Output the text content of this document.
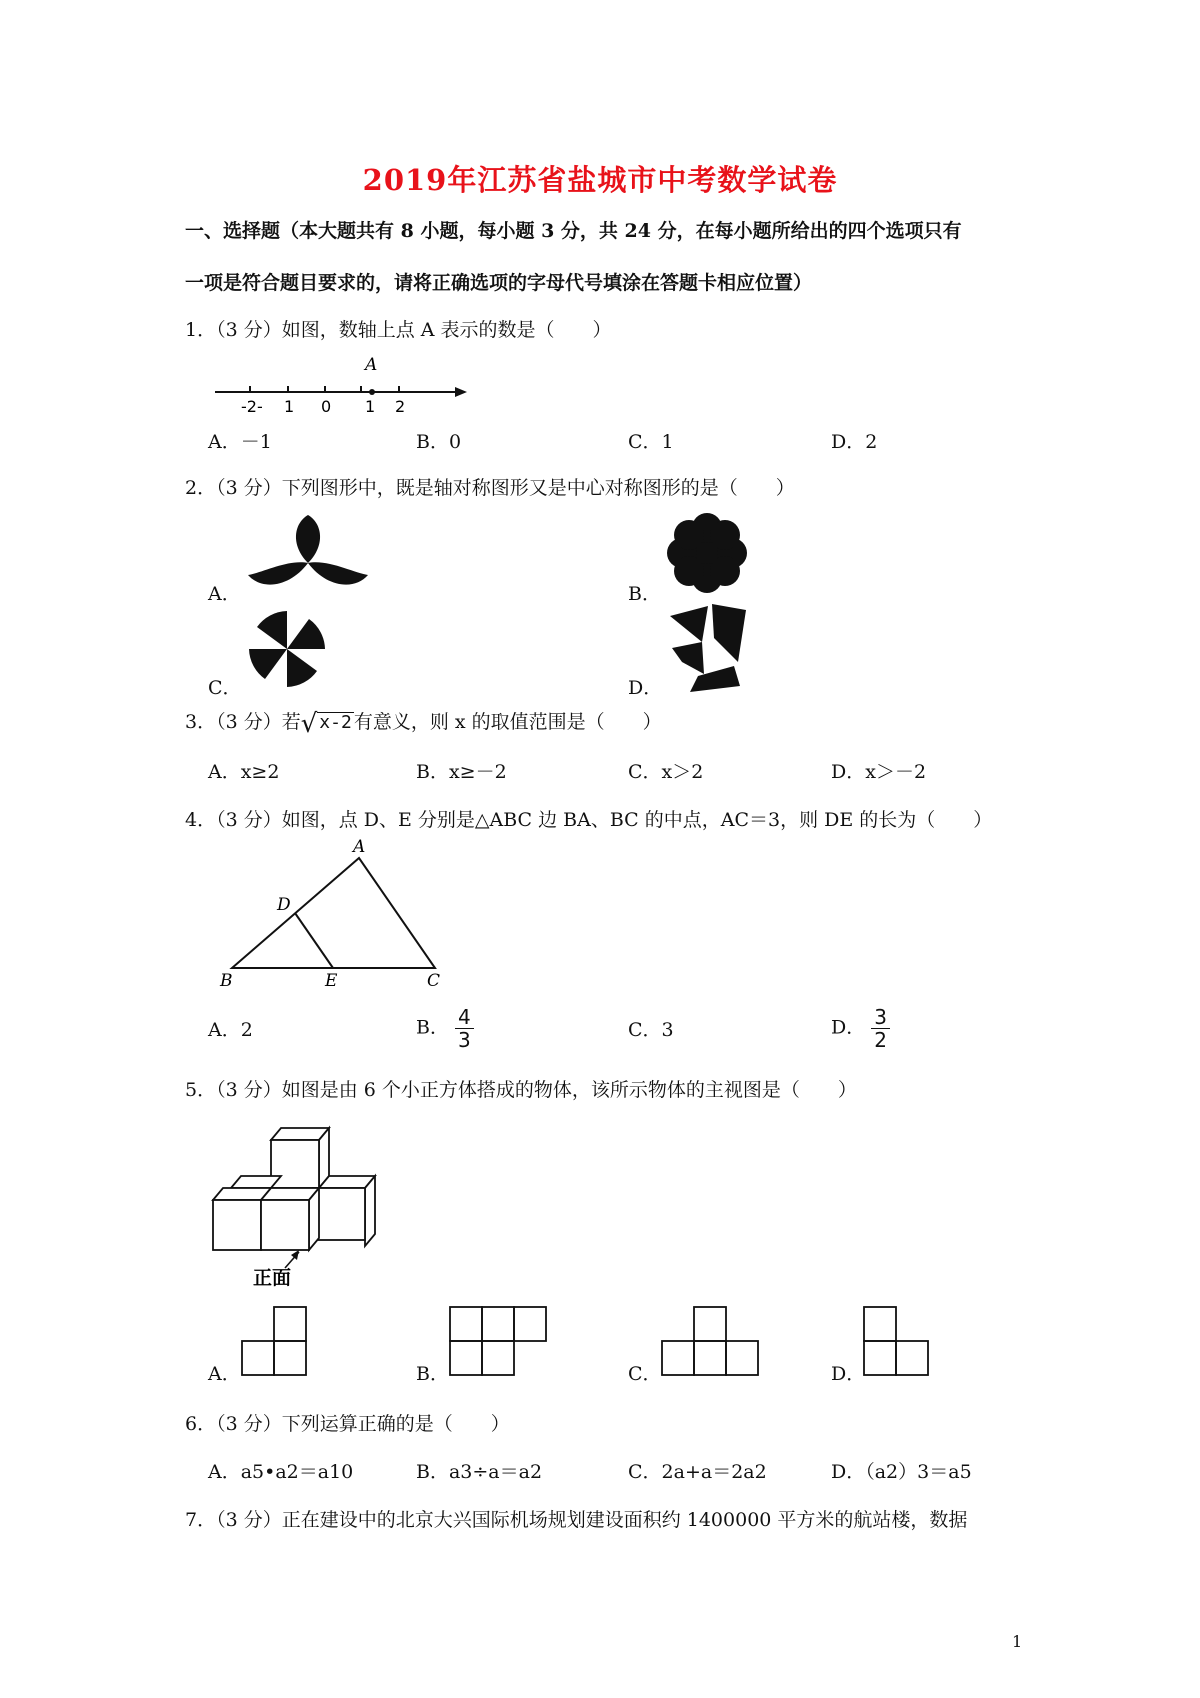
2019年江苏省盐城市中考数学试卷
一、选择题（本大题共有 8 小题，每小题 3 分，共 24 分，在每小题所给出的四个选项只有
一项是符合题目要求的，请将正确选项的字母代号填涂在答题卡相应位置）
1．（3 分）如图，数轴上点 A 表示的数是（　　）
A
-2- 1 0 1 2
A．－1	B．0	C．1	D．2
2．（3 分）下列图形中，既是轴对称图形又是中心对称图形的是（　　）
A．	B．
C．	D．
3．（3 分）若√ x-2 有意义，则 x 的取值范围是（　　）
A．x≥2	B．x≥－2	C．x＞2	D．x＞－2
4．（3 分）如图，点 D、E 分别是△ABC 边 BA、BC 的中点，AC＝3，则 DE 的长为（　　）
A
D
B	E	C
A．2	B． $\frac{4}{3}$	C．3	D． $\frac{3}{2}$
5．（3 分）如图是由 6 个小正方体搭成的物体，该所示物体的主视图是（　　）
正面
A．	B．	C．	D．
6．（3 分）下列运算正确的是（　　）
A．a5•a2＝a10	B．a3÷a＝a2	C．2a+a＝2a2	D．（a2）3＝a5
7．（3 分）正在建设中的北京大兴国际机场规划建设面积约 1400000 平方米的航站楼，数据
1
